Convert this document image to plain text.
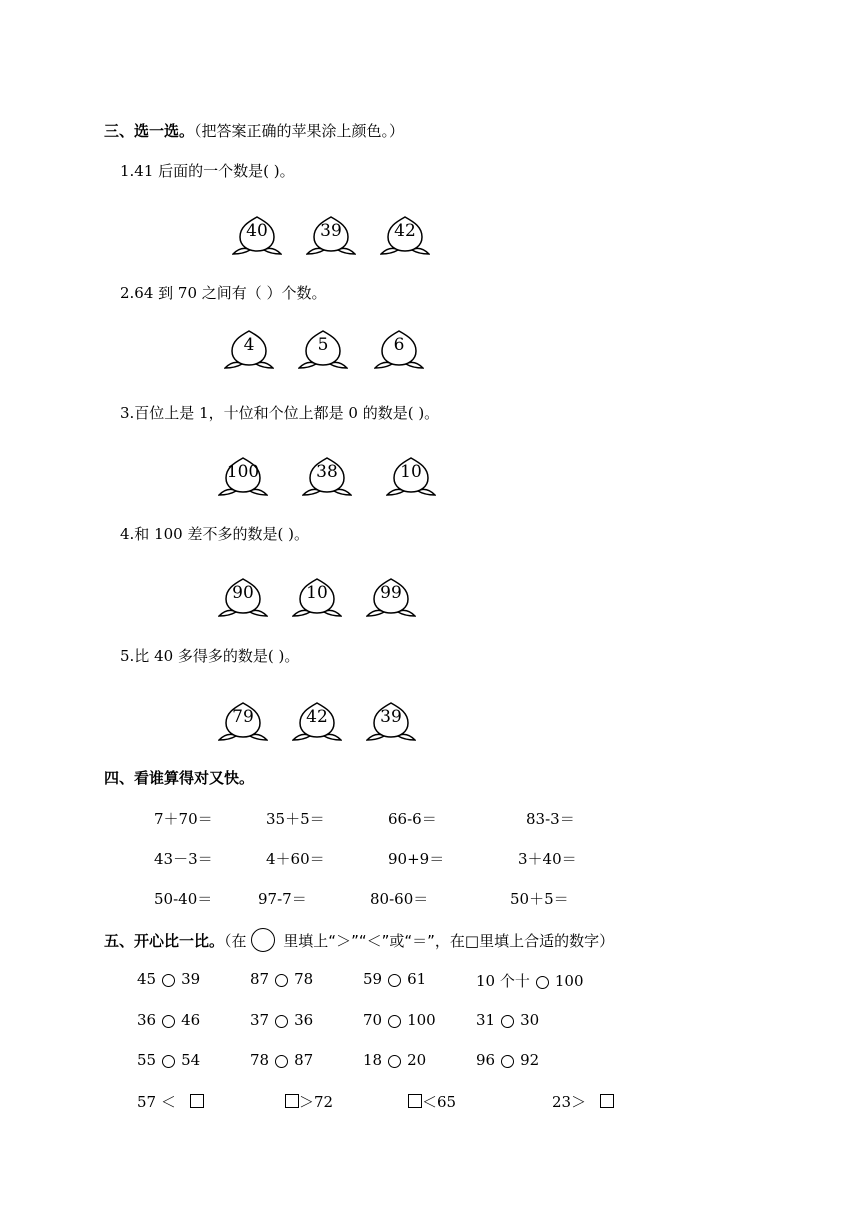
三、选一选。（把答案正确的苹果涂上颜色。）
1.41 后面的一个数是( )。
2.64 到 70 之间有（ ）个数。
3.百位上是 1，十位和个位上都是 0 的数是( )。
4.和 100 差不多的数是( )。
5.比 40 多得多的数是( )。
40	39	42
4	5	6
100	38	10
90	10	99
79	42	39
四、看谁算得对又快。
7＋70＝	35＋5＝	66-6＝	83-3＝
43－3＝	4＋60＝	90+9＝	3＋40＝
50-40＝	97-7＝	80-60＝	50＋5＝
五、开心比一比。（在 里填上“＞”“＜”或“＝”，在□里填上合适的数字）
45 39	87 78	59 61	10 个十 100
36 46	37 36	70 100	31 30
55 54	78 87	18 20	96 92
57 ＜	＞72	＜65	23＞
